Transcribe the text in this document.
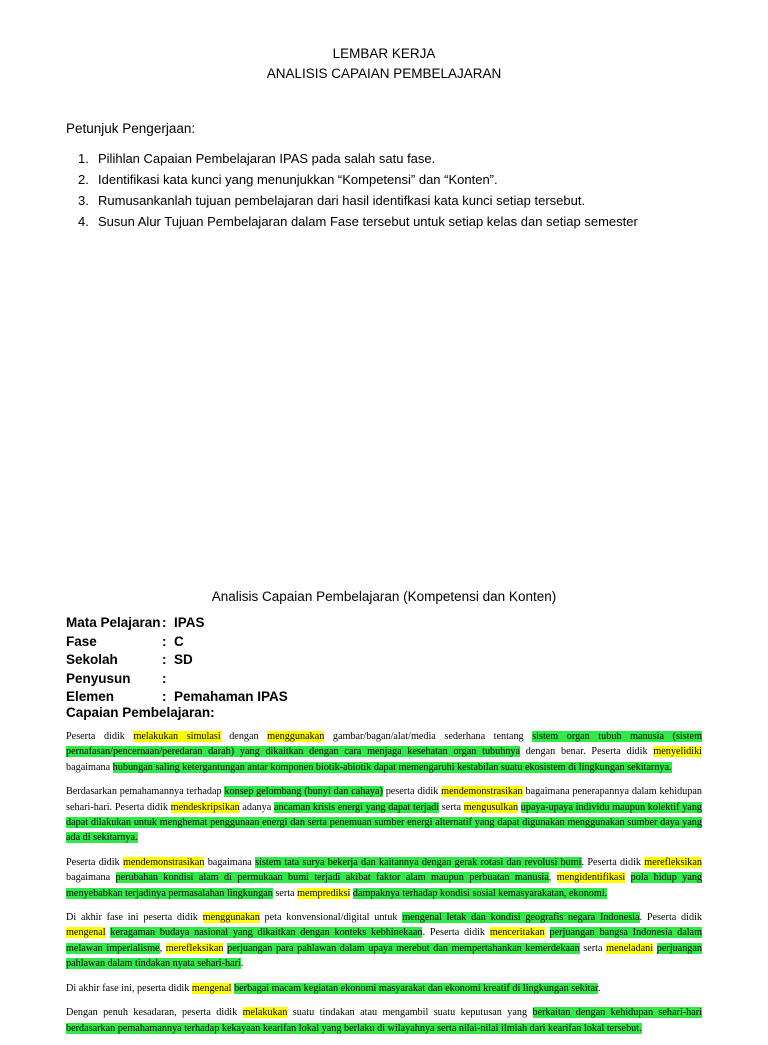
LEMBAR KERJA
ANALISIS CAPAIAN PEMBELAJARAN
Petunjuk Pengerjaan:
1. Pilihlan Capaian Pembelajaran IPAS pada salah satu fase.
2. Identifikasi kata kunci yang menunjukkan “Kompetensi” dan “Konten”.
3. Rumusankanlah tujuan pembelajaran dari hasil identifkasi kata kunci setiap tersebut.
4. Susun Alur Tujuan Pembelajaran dalam Fase tersebut untuk setiap kelas dan setiap semester
Analisis Capaian Pembelajaran (Kompetensi dan Konten)
Mata Pelajaran: IPAS
Fase	: C
Sekolah	: SD
Penyusun :
Elemen	: Pemahaman IPAS
Capaian Pembelajaran:

Peserta didik melakukan simulasi dengan menggunakan gambar/bagan/alat/media sederhana tentang sistem organ tubuh manusia (sistem pernafasan/pencernaan/peredaran darah) yang dikaitkan dengan cara menjaga kesehatan organ tubuhnya dengan benar. Peserta didik menyelidiki bagaimana hubungan saling ketergantungan antar komponen biotik-abiotik dapat memengaruhi kestabilan suatu ekosistem di lingkungan sekitarnya.

Berdasarkan pemahamannya terhadap konsep gelombang (bunyi dan cahaya) peserta didik mendemonstrasikan bagaimana penerapannya dalam kehidupan sehari-hari. Peserta didik mendeskripsikan adanya ancaman krisis energi yang dapat terjadi serta mengusulkan upaya-upaya individu maupun kolektif yang dapat dilakukan untuk menghemat penggunaan energi dan serta penemuan sumber energi alternatif yang dapat digunakan menggunakan sumber daya yang ada di sekitarnya.

Peserta didik mendemonstrasikan bagaimana sistem tata surya bekerja dan kaitannya dengan gerak rotasi dan revolusi bumi. Peserta didik merefleksikan bagaimana perubahan kondisi alam di permukaan bumi terjadi akibat faktor alam maupun perbuatan manusia, mengidentifikasi pola hidup yang menyebabkan terjadinya permasalahan lingkungan serta memprediksi dampaknya terhadap kondisi sosial kemasyarakatan, ekonomi.

Di akhir fase ini peserta didik menggunakan peta konvensional/digital untuk mengenal letak dan kondisi geografis negara Indonesia. Peserta didik mengenal keragaman budaya nasional yang dikaitkan dengan konteks kebhinekaan. Peserta didik menceritakan perjuangan bangsa Indonesia dalam melawan imperialisme, merefleksikan perjuangan para pahlawan dalam upaya merebut dan mempertahankan kemerdekaan serta meneladani perjuangan pahlawan dalam tindakan nyata sehari-hari.

Di akhir fase ini, peserta didik mengenal berbagai macam kegiatan ekonomi masyarakat dan ekonomi kreatif di lingkungan sekitar.

Dengan penuh kesadaran, peserta didik melakukan suatu tindakan atau mengambil suatu keputusan yang berkaitan dengan kehidupan sehari-hari berdasarkan pemahamannya terhadap kekayaan kearifan lokal yang berlaku di wilayahnya serta nilai-nilai ilmiah dari kearifan lokal tersebut.
